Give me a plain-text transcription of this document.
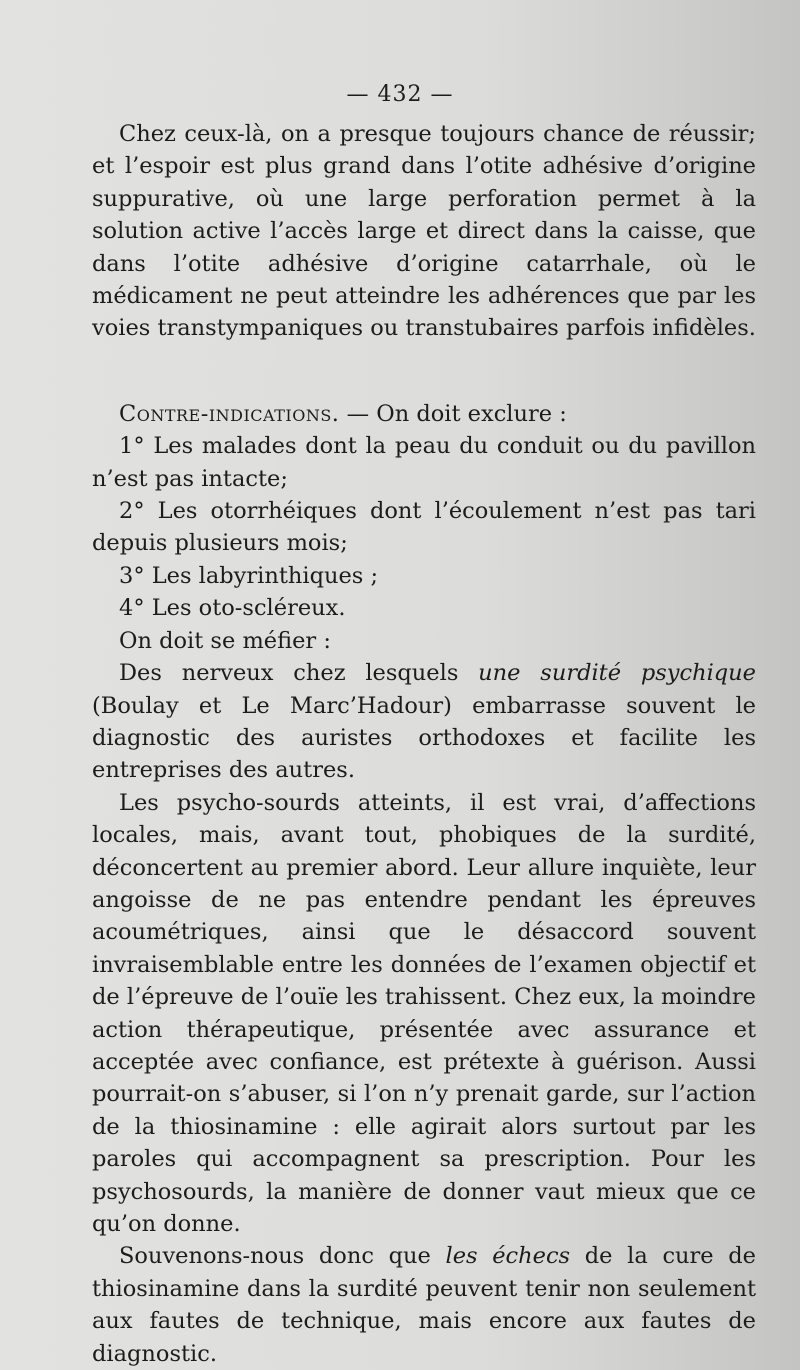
— 432 —

Chez ceux-là, on a presque toujours chance de réussir; et l’espoir est plus grand dans l’otite adhésive d’origine suppurative, où une large perforation permet à la solution active l’accès large et direct dans la caisse, que dans l’otite adhésive d’origine catarrhale, où le médicament ne peut atteindre les adhérences que par les voies transtympaniques ou transtubaires parfois infidèles.

Contre-indications. — On doit exclure :

1° Les malades dont la peau du conduit ou du pavillon n’est pas intacte;

2° Les otorrhéiques dont l’écoulement n’est pas tari depuis plusieurs mois;

3° Les labyrinthiques ;

4° Les oto-scléreux.

On doit se méfier :

Des nerveux chez lesquels une surdité psychique (Boulay et Le Marc’Hadour) embarrasse souvent le diagnostic des auristes orthodoxes et facilite les entreprises des autres.

Les psycho-sourds atteints, il est vrai, d’affections locales, mais, avant tout, phobiques de la surdité, déconcertent au premier abord. Leur allure inquiète, leur angoisse de ne pas entendre pendant les épreuves acoumétriques, ainsi que le désaccord souvent invraisemblable entre les données de l’examen objectif et de l’épreuve de l’ouïe les trahissent. Chez eux, la moindre action thérapeutique, présentée avec assurance et acceptée avec confiance, est prétexte à guérison. Aussi pourrait-on s’abuser, si l’on n’y prenait garde, sur l’action de la thiosinamine : elle agirait alors surtout par les paroles qui accompagnent sa prescription. Pour les psychosourds, la manière de donner vaut mieux que ce qu’on donne.

Souvenons-nous donc que les échecs de la cure de thiosinamine dans la surdité peuvent tenir non seulement aux fautes de technique, mais encore aux fautes de diagnostic.
